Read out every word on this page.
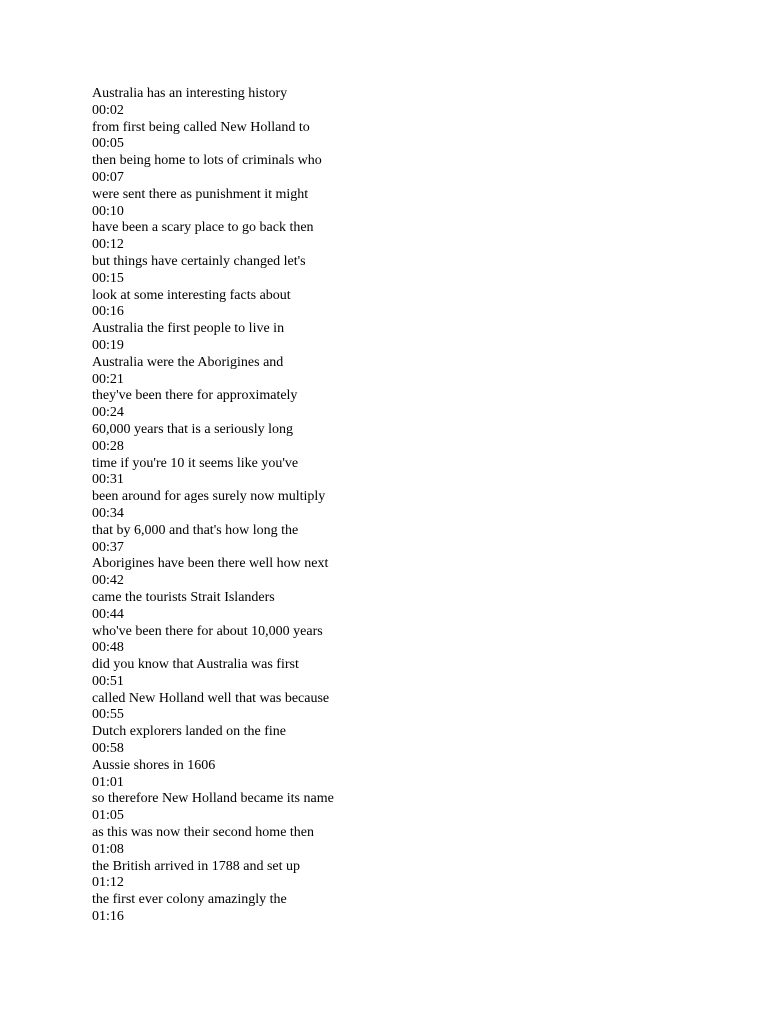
Australia has an interesting history
00:02
from first being called New Holland to
00:05
then being home to lots of criminals who
00:07
were sent there as punishment it might
00:10
have been a scary place to go back then
00:12
but things have certainly changed let's
00:15
look at some interesting facts about
00:16
Australia the first people to live in
00:19
Australia were the Aborigines and
00:21
they've been there for approximately
00:24
60,000 years that is a seriously long
00:28
time if you're 10 it seems like you've
00:31
been around for ages surely now multiply
00:34
that by 6,000 and that's how long the
00:37
Aborigines have been there well how next
00:42
came the tourists Strait Islanders
00:44
who've been there for about 10,000 years
00:48
did you know that Australia was first
00:51
called New Holland well that was because
00:55
Dutch explorers landed on the fine
00:58
Aussie shores in 1606
01:01
so therefore New Holland became its name
01:05
as this was now their second home then
01:08
the British arrived in 1788 and set up
01:12
the first ever colony amazingly the
01:16
